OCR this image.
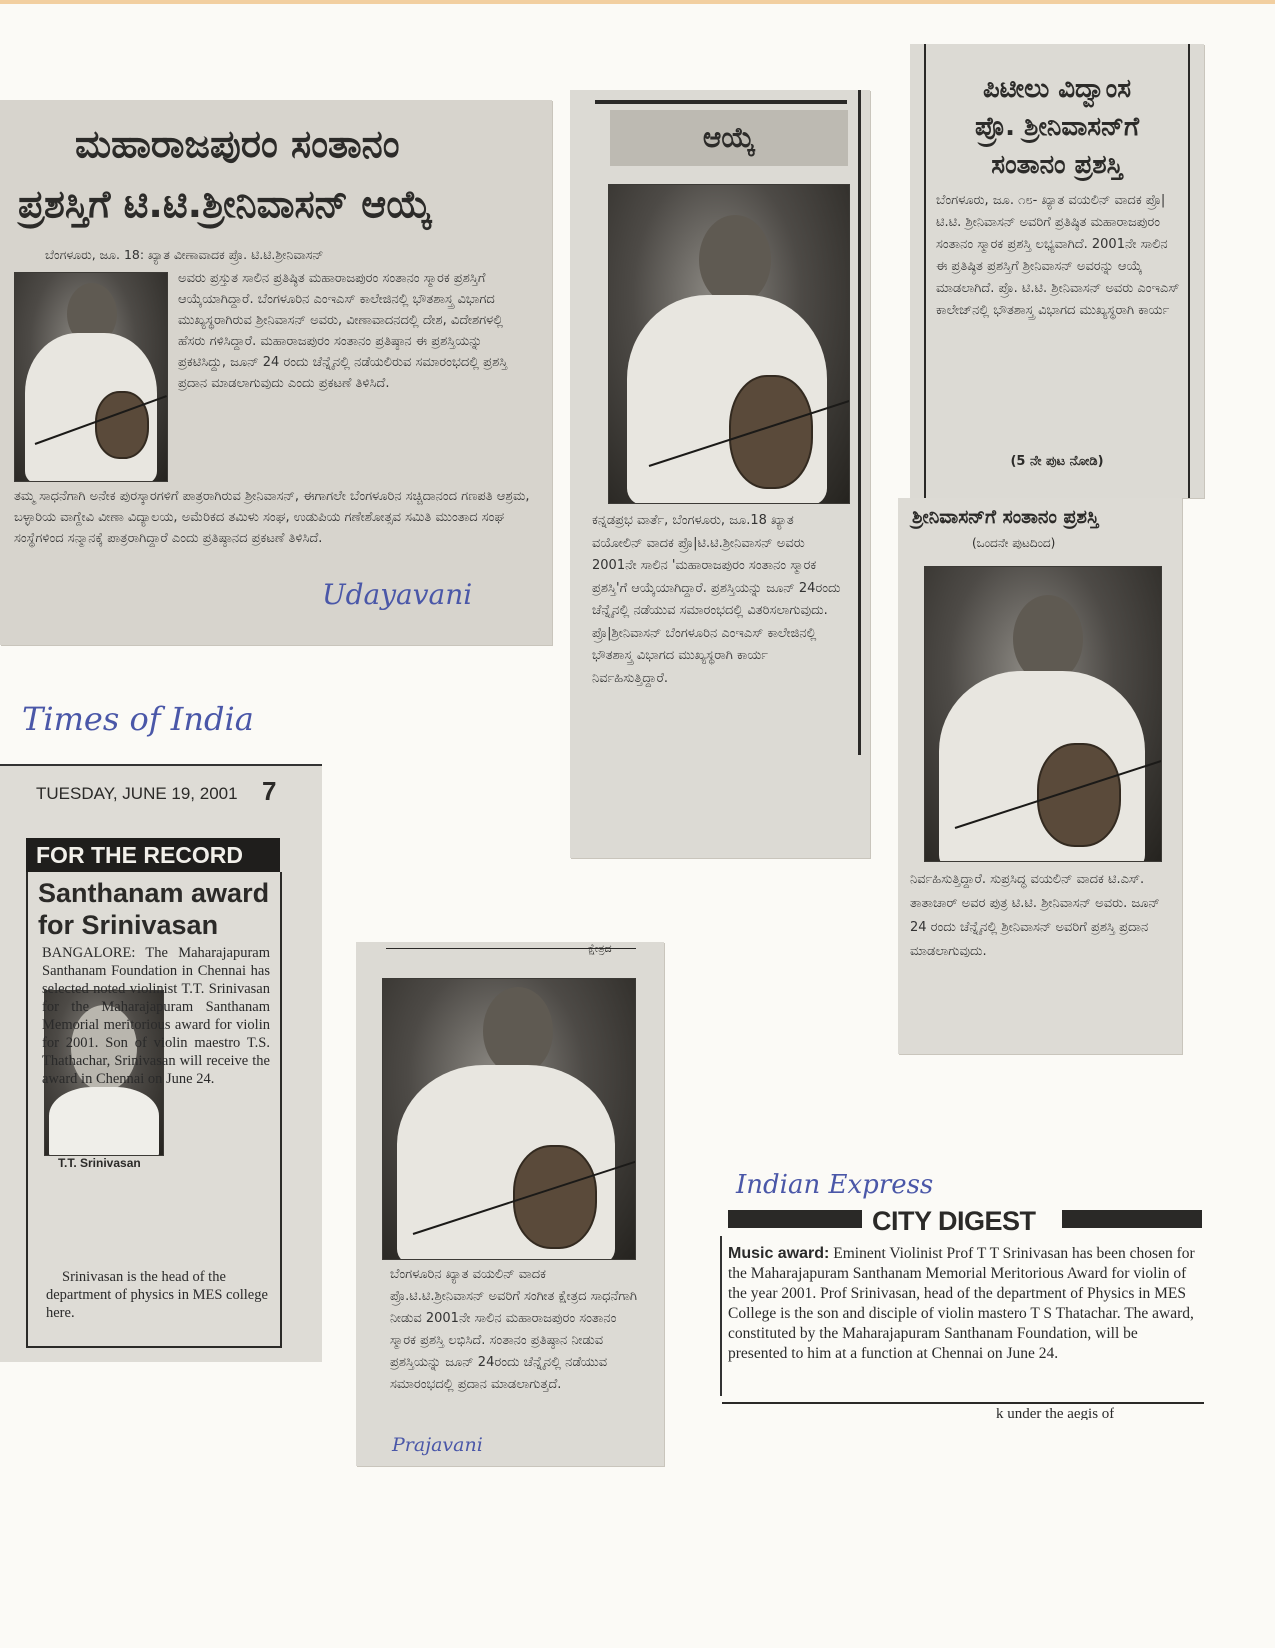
ಮಹಾರಾಜಪುರಂ ಸಂತಾನಂ
ಪ್ರಶಸ್ತಿಗೆ ಟಿ.ಟಿ.ಶ್ರೀನಿವಾಸನ್ ಆಯ್ಕೆ

ಬೆಂಗಳೂರು, ಜೂ. 18: ಖ್ಯಾತ ವೀಣಾವಾದಕ ಪ್ರೊ. ಟಿ.ಟಿ.ಶ್ರೀನಿವಾಸನ್

ಅವರು ಪ್ರಸ್ತುತ ಸಾಲಿನ ಪ್ರತಿಷ್ಠಿತ ಮಹಾರಾಜಪುರಂ ಸಂತಾನಂ ಸ್ಮಾರಕ ಪ್ರಶಸ್ತಿಗೆ ಆಯ್ಕೆಯಾಗಿದ್ದಾರೆ. ಬೆಂಗಳೂರಿನ ಎಂಇಎಸ್ ಕಾಲೇಜಿನಲ್ಲಿ ಭೌತಶಾಸ್ತ್ರ ವಿಭಾಗದ ಮುಖ್ಯಸ್ಥರಾಗಿರುವ ಶ್ರೀನಿವಾಸನ್ ಅವರು, ವೀಣಾವಾದನದಲ್ಲಿ ದೇಶ, ವಿದೇಶಗಳಲ್ಲಿ ಹೆಸರು ಗಳಿಸಿದ್ದಾರೆ. ಮಹಾರಾಜಪುರಂ ಸಂತಾನಂ ಪ್ರತಿಷ್ಠಾನ ಈ ಪ್ರಶಸ್ತಿಯನ್ನು ಪ್ರಕಟಿಸಿದ್ದು, ಜೂನ್ 24 ರಂದು ಚೆನ್ನೈನಲ್ಲಿ ನಡೆಯಲಿರುವ ಸಮಾರಂಭದಲ್ಲಿ ಪ್ರಶಸ್ತಿ ಪ್ರದಾನ ಮಾಡಲಾಗುವುದು ಎಂದು ಪ್ರಕಟಣೆ ತಿಳಿಸಿದೆ.

ತಮ್ಮ ಸಾಧನೆಗಾಗಿ ಅನೇಕ ಪುರಸ್ಕಾರಗಳಿಗೆ ಪಾತ್ರರಾಗಿರುವ ಶ್ರೀನಿವಾಸನ್, ಈಗಾಗಲೇ ಬೆಂಗಳೂರಿನ ಸಚ್ಚಿದಾನಂದ ಗಣಪತಿ ಆಶ್ರಮ, ಬಳ್ಳಾರಿಯ ವಾಗ್ದೇವಿ ವೀಣಾ ವಿದ್ಯಾಲಯ, ಅಮೆರಿಕದ ತಮಿಳು ಸಂಘ, ಉಡುಪಿಯ ಗಣೇಶೋತ್ಸವ ಸಮಿತಿ ಮುಂತಾದ ಸಂಘ ಸಂಸ್ಥೆಗಳಿಂದ ಸನ್ಮಾನಕ್ಕೆ ಪಾತ್ರರಾಗಿದ್ದಾರೆ ಎಂದು ಪ್ರತಿಷ್ಠಾನದ ಪ್ರಕಟಣೆ ತಿಳಿಸಿದೆ.

Udayavani
ಆಯ್ಕೆ

ಕನ್ನಡಪ್ರಭ ವಾರ್ತೆ, ಬೆಂಗಳೂರು, ಜೂ.18 ಖ್ಯಾತ ವಯೋಲಿನ್ ವಾದಕ ಪ್ರೊ|ಟಿ.ಟಿ.ಶ್ರೀನಿವಾಸನ್ ಅವರು 2001ನೇ ಸಾಲಿನ 'ಮಹಾರಾಜಪುರಂ ಸಂತಾನಂ ಸ್ಮಾರಕ ಪ್ರಶಸ್ತಿ'ಗೆ ಆಯ್ಕೆಯಾಗಿದ್ದಾರೆ. ಪ್ರಶಸ್ತಿಯನ್ನು ಜೂನ್ 24ರಂದು ಚೆನ್ನೈನಲ್ಲಿ ನಡೆಯುವ ಸಮಾರಂಭದಲ್ಲಿ ವಿತರಿಸಲಾಗುವುದು. ಪ್ರೊ|ಶ್ರೀನಿವಾಸನ್ ಬೆಂಗಳೂರಿನ ಎಂಇಎಸ್ ಕಾಲೇಜಿನಲ್ಲಿ ಭೌತಶಾಸ್ತ್ರ ವಿಭಾಗದ ಮುಖ್ಯಸ್ಥರಾಗಿ ಕಾರ್ಯ ನಿರ್ವಹಿಸುತ್ತಿದ್ದಾರೆ.

ಪಿಟೀಲು ವಿದ್ವಾಂಸ
ಪ್ರೊ. ಶ್ರೀನಿವಾಸನ್‌ಗೆ
ಸಂತಾನಂ ಪ್ರಶಸ್ತಿ

ಬೆಂಗಳೂರು, ಜೂ. ೧೮- ಖ್ಯಾತ ವಯಲಿನ್ ವಾದಕ ಪ್ರೊ| ಟಿ.ಟಿ. ಶ್ರೀನಿವಾಸನ್ ಅವರಿಗೆ ಪ್ರತಿಷ್ಠಿತ ಮಹಾರಾಜಪುರಂ ಸಂತಾನಂ ಸ್ಮಾರಕ ಪ್ರಶಸ್ತಿ ಲಭ್ಯವಾಗಿದೆ. 2001ನೇ ಸಾಲಿನ ಈ ಪ್ರತಿಷ್ಠಿತ ಪ್ರಶಸ್ತಿಗೆ ಶ್ರೀನಿವಾಸನ್ ಅವರನ್ನು ಆಯ್ಕೆ ಮಾಡಲಾಗಿದೆ. ಪ್ರೊ. ಟಿ.ಟಿ. ಶ್ರೀನಿವಾಸನ್ ಅವರು ಎಂಇಎಸ್ ಕಾಲೇಜ್‌ನಲ್ಲಿ ಭೌತಶಾಸ್ತ್ರ ವಿಭಾಗದ ಮುಖ್ಯಸ್ಥರಾಗಿ ಕಾರ್ಯ

(5 ನೇ ಪುಟ ನೋಡಿ)
ಶ್ರೀನಿವಾಸನ್‌ಗೆ ಸಂತಾನಂ ಪ್ರಶಸ್ತಿ
(ಒಂದನೇ ಪುಟದಿಂದ)

ನಿರ್ವಹಿಸುತ್ತಿದ್ದಾರೆ. ಸುಪ್ರಸಿದ್ಧ ವಯಲಿನ್ ವಾದಕ ಟಿ.ಎಸ್. ತಾತಾಚಾರ್ ಅವರ ಪುತ್ರ ಟಿ.ಟಿ. ಶ್ರೀನಿವಾಸನ್ ಅವರು. ಜೂನ್ 24 ರಂದು ಚೆನ್ನೈನಲ್ಲಿ ಶ್ರೀನಿವಾಸನ್ ಅವರಿಗೆ ಪ್ರಶಸ್ತಿ ಪ್ರದಾನ ಮಾಡಲಾಗುವುದು.

Times of India
TUESDAY, JUNE 19, 2001 7
FOR THE RECORD
Santhanam award
for Srinivasan
T.T. Srinivasan

BANGALORE: The Maharajapuram Santhanam Foundation in Chennai has selected noted violinist T.T. Srinivasan for the Maharajapuram Santhanam Memorial meritorious award for violin for 2001. Son of violin maestro T.S. Thathachar, Srinivasan will receive the award in Chennai on June 24.

Srinivasan is the head of the department of physics in MES college here.

ಕ್ಷೇತ್ರದ

ಬೆಂಗಳೂರಿನ ಖ್ಯಾತ ವಯಲಿನ್ ವಾದಕ ಪ್ರೊ.ಟಿ.ಟಿ.ಶ್ರೀನಿವಾಸನ್ ಅವರಿಗೆ ಸಂಗೀತ ಕ್ಷೇತ್ರದ ಸಾಧನೆಗಾಗಿ ನೀಡುವ 2001ನೇ ಸಾಲಿನ ಮಹಾರಾಜಪುರಂ ಸಂತಾನಂ ಸ್ಮಾರಕ ಪ್ರಶಸ್ತಿ ಲಭಿಸಿದೆ. ಸಂತಾನಂ ಪ್ರತಿಷ್ಠಾನ ನೀಡುವ ಪ್ರಶಸ್ತಿಯನ್ನು ಜೂನ್ 24ರಂದು ಚೆನ್ನೈನಲ್ಲಿ ನಡೆಯುವ ಸಮಾರಂಭದಲ್ಲಿ ಪ್ರದಾನ ಮಾಡಲಾಗುತ್ತದೆ.

Prajavani
Indian Express
CITY DIGEST

Music award: Eminent Violinist Prof T T Srinivasan has been chosen for the Maharajapuram Santhanam Memorial Meritorious Award for violin of the year 2001. Prof Srinivasan, head of the department of Physics in MES College is the son and disciple of violin mastero T S Thatachar. The award, constituted by the Maharajapuram Santhanam Foundation, will be presented to him at a function at Chennai on June 24.

k under the aegis of
